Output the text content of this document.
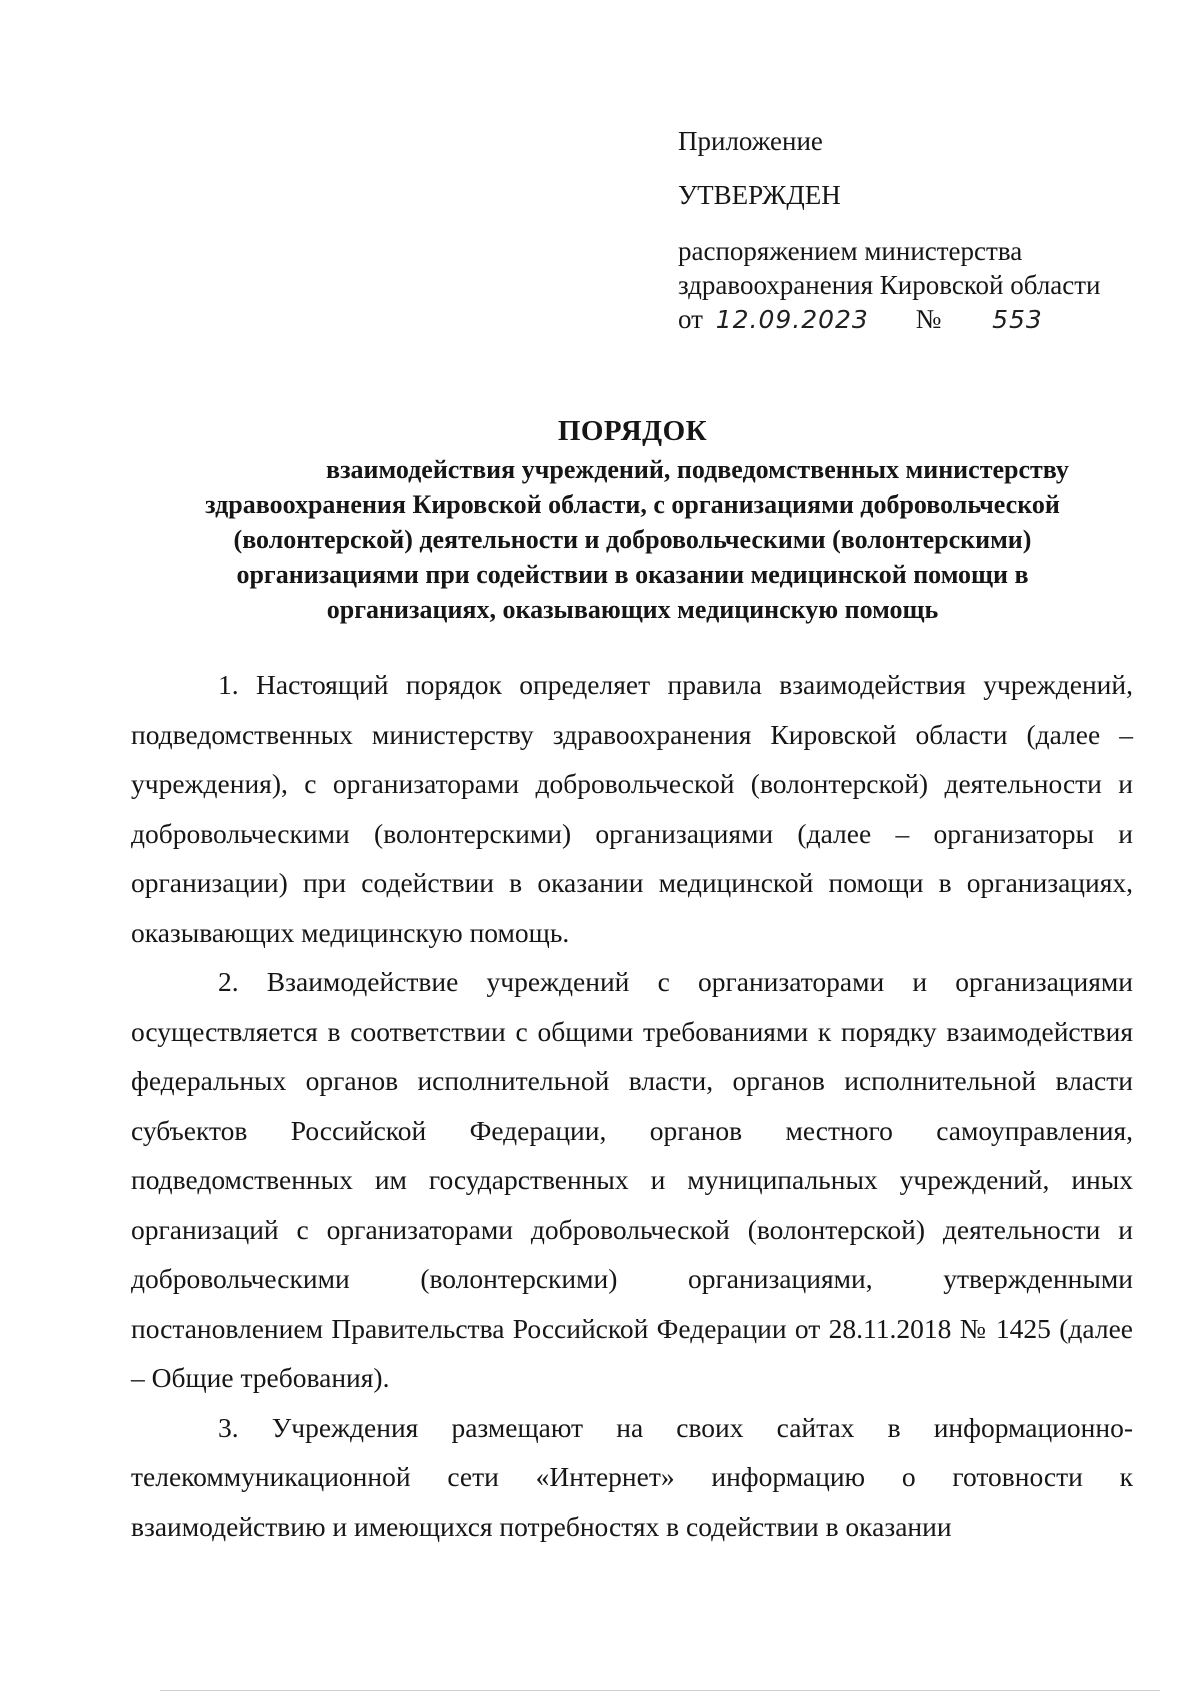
Приложение
УТВЕРЖДЕН
распоряжением министерства
здравоохранения Кировской области
от 12.09.2023 № 553
ПОРЯДОК
взаимодействия учреждений, подведомственных министерству здравоохранения Кировской области, с организациями добровольческой (волонтерской) деятельности и добровольческими (волонтерскими) организациями при содействии в оказании медицинской помощи в организациях, оказывающих медицинскую помощь

1. Настоящий порядок определяет правила взаимодействия учреждений, подведомственных министерству здравоохранения Кировской области (далее – учреждения), с организаторами добровольческой (волонтерской) деятельности и добровольческими (волонтерскими) организациями (далее – организаторы и организации) при содействии в оказании медицинской помощи в организациях, оказывающих медицинскую помощь.

2. Взаимодействие учреждений с организаторами и организациями осуществляется в соответствии с общими требованиями к порядку взаимодействия федеральных органов исполнительной власти, органов исполнительной власти субъектов Российской Федерации, органов местного самоуправления, подведомственных им государственных и муниципальных учреждений, иных организаций с организаторами добровольческой (волонтерской) деятельности и добровольческими (волонтерскими) организациями, утвержденными постановлением Правительства Российской Федерации от 28.11.2018 № 1425 (далее – Общие требования).

3. Учреждения размещают на своих сайтах в информационно-телекоммуникационной сети «Интернет» информацию о готовности к взаимодействию и имеющихся потребностях в содействии в оказании
